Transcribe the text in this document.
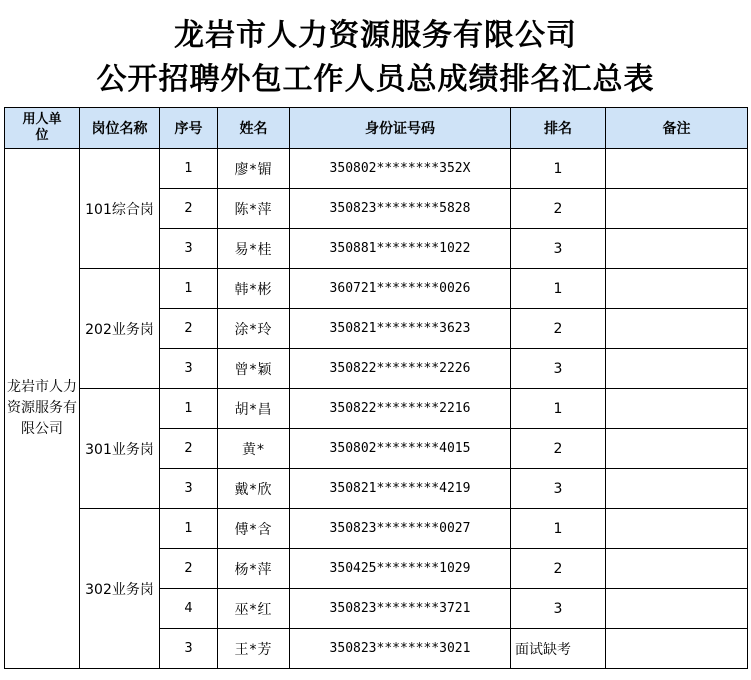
龙岩市人力资源服务有限公司
公开招聘外包工作人员总成绩排名汇总表
用人单位	岗位名称	序号	姓名	身份证号码	排名	备注
龙岩市人力资源服务有限公司	101综合岗	1	廖*镅	350802********352X	1	
		2	陈*萍	350823********5828	2	
		3	易*桂	350881********1022	3	
	202业务岗	1	韩*彬	360721********0026	1	
		2	涂*玲	350821********3623	2	
		3	曾*颖	350822********2226	3	
	301业务岗	1	胡*昌	350822********2216	1	
		2	黄*	350802********4015	2	
		3	戴*欣	350821********4219	3	
	302业务岗	1	傅*含	350823********0027	1	
		2	杨*萍	350425********1029	2	
		4	巫*红	350823********3721	3	
		3	王*芳	350823********3021	面试缺考	
